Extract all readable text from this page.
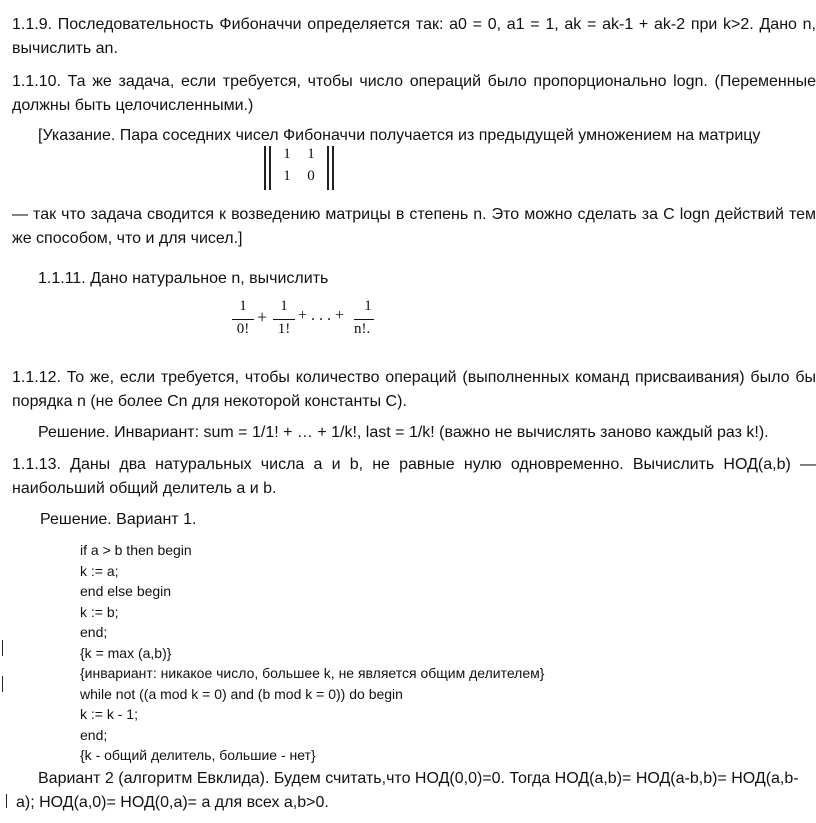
1.1.9. Последовательность Фибоначчи определяется так: a0 = 0, a1 = 1, ak = ak-1 + ak-2 при k>2. Дано n, вычислить an.

1.1.10. Та же задача, если требуется, чтобы число операций было пропорционально logn. (Переменные должны быть целочисленными.)

[Указание. Пара соседних чисел Фибоначчи получается из предыдущей умножением на матрицу

1	1
1	0

— так что задача сводится к возведению матрицы в степень n. Это можно сделать за C logn действий тем же способом, что и для чисел.]

1.1.11. Дано натуральное n, вычислить

1
0!
+
1
1!
+ . . . +
1
n!.

1.1.12. То же, если требуется, чтобы количество операций (выполненных команд присваивания) было бы порядка n (не более Cn для некоторой константы C).

Решение. Инвариант: sum = 1/1! + … + 1/k!, last = 1/k! (важно не вычислять заново каждый раз k!).

1.1.13. Даны два натуральных числа a и b, не равные нулю одновременно. Вычислить НОД(a,b) — наибольший общий делитель a и b.

Решение. Вариант 1.

if a > b then begin

k := a;

end else begin

k := b;

end;

{k = max (a,b)}

{инвариант: никакое число, большее k, не является общим делителем}

while not ((a mod k = 0) and (b mod k = 0)) do begin

k := k - 1;

end;

{k - общий делитель, большие - нет}

Вариант 2 (алгоритм Евклида). Будем считать,что НОД(0,0)=0. Тогда НОД(a,b)= НОД(a-b,b)= НОД(a,b-a); НОД(a,0)= НОД(0,a)= a для всех a,b>0.
